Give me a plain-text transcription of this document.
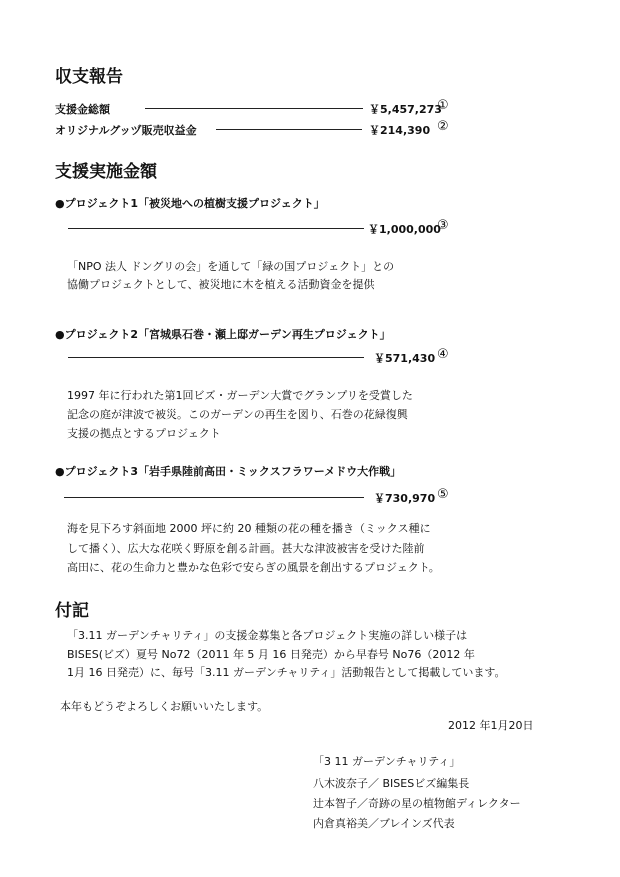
収支報告
支援金総額	￥5,457,273
①
オリジナルグッヅ販売収益金	￥214,390 ②
支援実施金額
●プロジェクト1「被災地への植樹支援プロジェクト」
￥1,000,000
③
「NPO 法人 ドングリの会」を通して「緑の国プロジェクト」との
協働プロジェクトとして、被災地に木を植える活動資金を提供
●プロジェクト2「宮城県石巻・瀬上邸ガーデン再生プロジェクト」
￥571,430 ④
1997 年に行われた第1回ビズ・ガーデン大賞でグランプリを受賞した
記念の庭が津波で被災。このガーデンの再生を図り、石巻の花緑復興
支援の拠点とするプロジェクト
●プロジェクト3「岩手県陸前高田・ミックスフラワーメドウ大作戦」
￥730,970 ⑤
海を見下ろす斜面地 2000 坪に約 20 種類の花の種を播き（ミックス種に
して播く）、広大な花咲く野原を創る計画。甚大な津波被害を受けた陸前
高田に、花の生命力と豊かな色彩で安らぎの風景を創出するプロジェクト。
付記
「3.11 ガーデンチャリティ」の支援金募集と各プロジェクト実施の詳しい様子は
BISES(ビズ）夏号 No72（2011 年 5 月 16 日発売）から早春号 No76（2012 年
1月 16 日発売）に、毎号「3.11 ガーデンチャリティ」活動報告として掲載しています。
本年もどうぞよろしくお願いいたします。
2012 年1月20日
「3 11 ガーデンチャリティ」
八木波奈子／ BISESビズ編集長
辻本智子／奇跡の星の植物館ディレクター
内倉真裕美／ブレインズ代表
